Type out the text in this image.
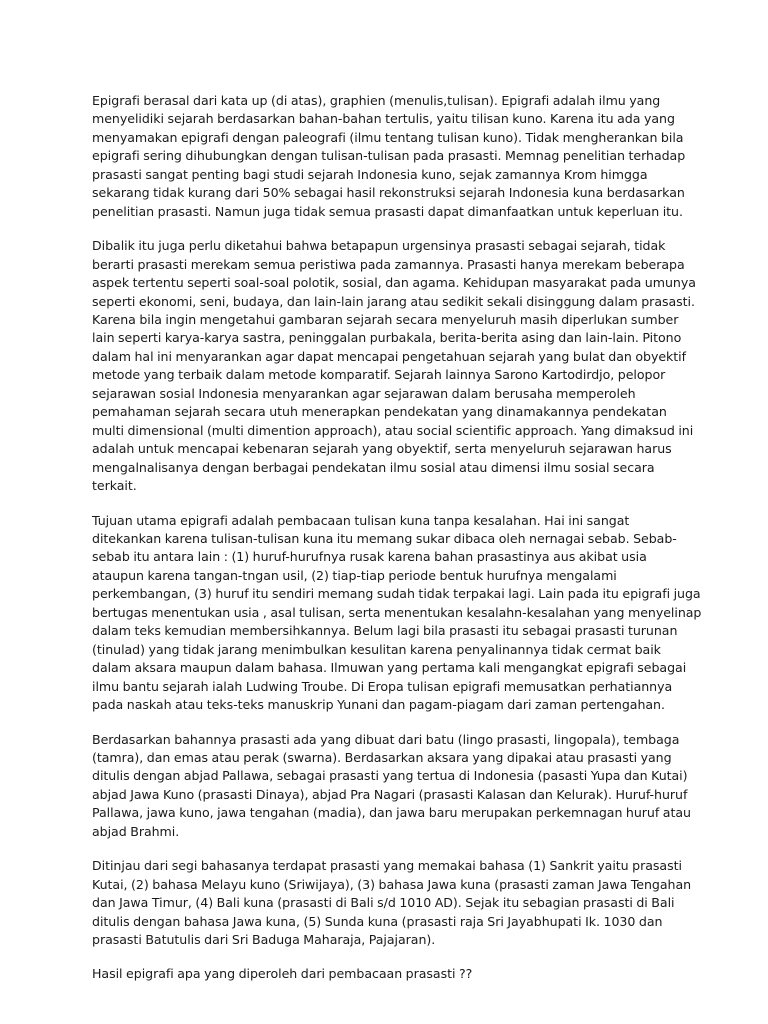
Epigrafi berasal dari kata up (di atas), graphien (menulis,tulisan). Epigrafi adalah ilmu yang menyelidiki sejarah berdasarkan bahan-bahan tertulis, yaitu tilisan kuno. Karena itu ada yang menyamakan epigrafi dengan paleografi (ilmu tentang tulisan kuno). Tidak mengherankan bila epigrafi sering dihubungkan dengan tulisan-tulisan pada prasasti. Memnag penelitian terhadap prasasti sangat penting bagi studi sejarah Indonesia kuno, sejak zamannya Krom himgga sekarang tidak kurang dari 50% sebagai hasil rekonstruksi sejarah Indonesia kuna berdasarkan penelitian prasasti. Namun juga tidak semua prasasti dapat dimanfaatkan untuk keperluan itu.

Dibalik itu juga perlu diketahui bahwa betapapun urgensinya prasasti sebagai sejarah, tidak berarti prasasti merekam semua peristiwa pada zamannya. Prasasti hanya merekam beberapa aspek tertentu seperti soal-soal polotik, sosial, dan agama. Kehidupan masyarakat pada umunya seperti ekonomi, seni, budaya, dan lain-lain jarang atau sedikit sekali disinggung dalam prasasti. Karena bila ingin mengetahui gambaran sejarah secara menyeluruh masih diperlukan sumber lain seperti karya-karya sastra, peninggalan purbakala, berita-berita asing dan lain-lain. Pitono dalam hal ini menyarankan agar dapat mencapai pengetahuan sejarah yang bulat dan obyektif metode yang terbaik dalam metode komparatif. Sejarah lainnya Sarono Kartodirdjo, pelopor sejarawan sosial Indonesia menyarankan agar sejarawan dalam berusaha memperoleh pemahaman sejarah secara utuh menerapkan pendekatan yang dinamakannya pendekatan multi dimensional (multi dimention approach), atau social scientific approach. Yang dimaksud ini adalah untuk mencapai kebenaran sejarah yang obyektif, serta menyeluruh sejarawan harus mengalnalisanya dengan berbagai pendekatan ilmu sosial atau dimensi ilmu sosial secara terkait.

Tujuan utama epigrafi adalah pembacaan tulisan kuna tanpa kesalahan. Hai ini sangat ditekankan karena tulisan-tulisan kuna itu memang sukar dibaca oleh nernagai sebab. Sebab-sebab itu antara lain : (1) huruf-hurufnya rusak karena bahan prasastinya aus akibat usia ataupun karena tangan-tngan usil, (2) tiap-tiap periode bentuk hurufnya mengalami perkembangan, (3) huruf itu sendiri memang sudah tidak terpakai lagi. Lain pada itu epigrafi juga bertugas menentukan usia , asal tulisan, serta menentukan kesalahn-kesalahan yang menyelinap dalam teks kemudian membersihkannya. Belum lagi bila prasasti itu sebagai prasasti turunan (tinulad) yang tidak jarang menimbulkan kesulitan karena penyalinannya tidak cermat baik dalam aksara maupun dalam bahasa. Ilmuwan yang pertama kali mengangkat epigrafi sebagai ilmu bantu sejarah ialah Ludwing Troube. Di Eropa tulisan epigrafi memusatkan perhatiannya pada naskah atau teks-teks manuskrip Yunani dan pagam-piagam dari zaman pertengahan.

Berdasarkan bahannya prasasti ada yang dibuat dari batu (lingo prasasti, lingopala), tembaga (tamra), dan emas atau perak (swarna). Berdasarkan aksara yang dipakai atau prasasti yang ditulis dengan abjad Pallawa, sebagai prasasti yang tertua di Indonesia (pasasti Yupa dan Kutai) abjad Jawa Kuno (prasasti Dinaya), abjad Pra Nagari (prasasti Kalasan dan Kelurak). Huruf-huruf Pallawa, jawa kuno, jawa tengahan (madia), dan jawa baru merupakan perkemnagan huruf atau abjad Brahmi.

Ditinjau dari segi bahasanya terdapat prasasti yang memakai bahasa (1) Sankrit yaitu prasasti Kutai, (2) bahasa Melayu kuno (Sriwijaya), (3) bahasa Jawa kuna (prasasti zaman Jawa Tengahan dan Jawa Timur, (4) Bali kuna (prasasti di Bali s/d 1010 AD). Sejak itu sebagian prasasti di Bali ditulis dengan bahasa Jawa kuna, (5) Sunda kuna (prasasti raja Sri Jayabhupati Ik. 1030 dan prasasti Batutulis dari Sri Baduga Maharaja, Pajajaran).

Hasil epigrafi apa yang diperoleh dari pembacaan prasasti ??
